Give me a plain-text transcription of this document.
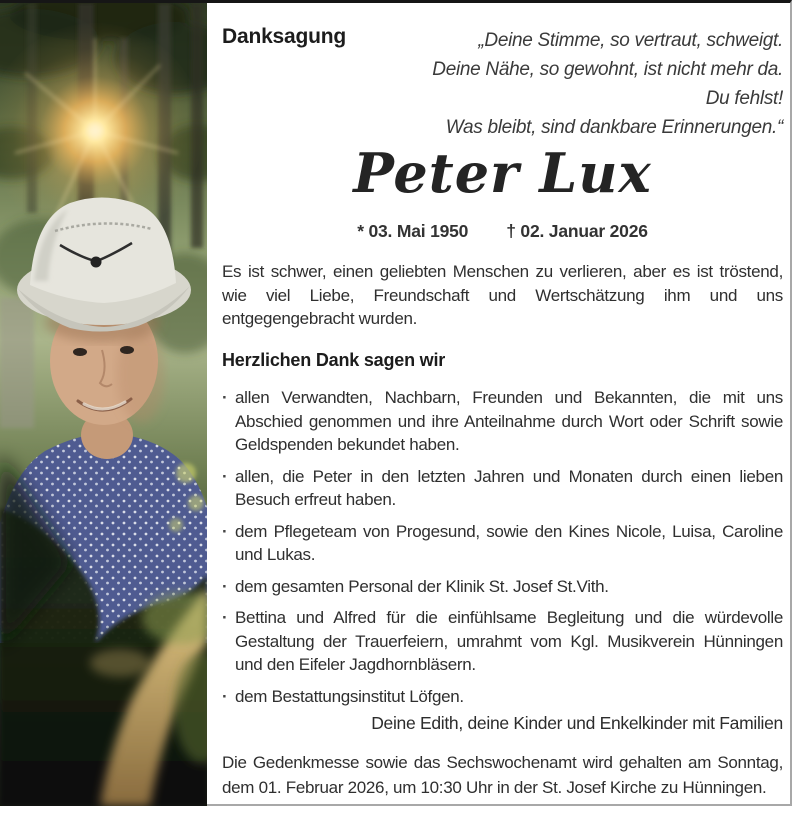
Danksagung	„Deine Stimme, so vertraut, schweigt.
Deine Nähe, so gewohnt, ist nicht mehr da.
Du fehlst!
Was bleibt, sind dankbare Erinnerungen.“
Peter Lux
* 03. Mai 1950 † 02. Januar 2026

Es ist schwer, einen geliebten Menschen zu verlieren, aber es ist tröstend, wie viel Liebe, Freundschaft und Wertschätzung ihm und uns entgegengebracht wurden.

Herzlichen Dank sagen wir
· allen Verwandten, Nachbarn, Freunden und Bekannten, die mit uns Abschied genommen und ihre Anteilnahme durch Wort oder Schrift sowie Geldspenden bekundet haben.
· allen, die Peter in den letzten Jahren und Monaten durch einen lieben Besuch erfreut haben.
· dem Pflegeteam von Progesund, sowie den Kines Nicole, Luisa, Caroline und Lukas.
· dem gesamten Personal der Klinik St. Josef St.Vith.
· Bettina und Alfred für die einfühlsame Begleitung und die würdevolle Gestaltung der Trauerfeiern, umrahmt vom Kgl. Musikverein Hünningen und den Eifeler Jagdhornbläsern.
· dem Bestattungsinstitut Löfgen.
Deine Edith, deine Kinder und Enkelkinder mit Familien

Die Gedenkmesse sowie das Sechswochenamt wird gehalten am Sonntag, dem 01. Februar 2026, um 10:30 Uhr in der St. Josef Kirche zu Hünningen.
